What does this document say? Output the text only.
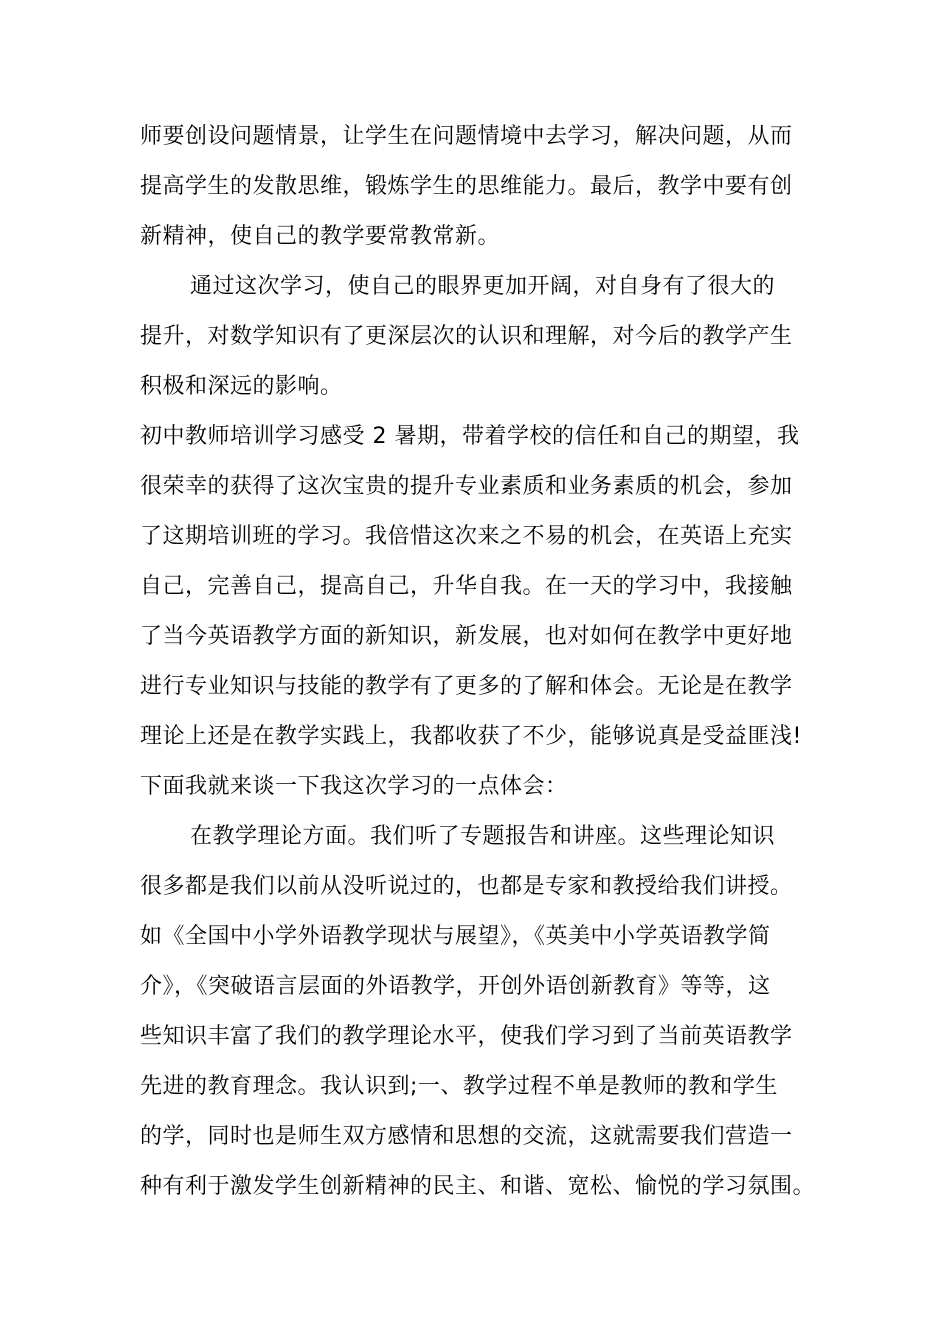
师要创设问题情景，让学生在问题情境中去学习，解决问题，从而
提高学生的发散思维，锻炼学生的思维能力。最后，教学中要有创
新精神，使自己的教学要常教常新。
通过这次学习，使自己的眼界更加开阔，对自身有了很大的
提升，对数学知识有了更深层次的认识和理解，对今后的教学产生
积极和深远的影响。
初中教师培训学习感受 2 暑期，带着学校的信任和自己的期望，我
很荣幸的获得了这次宝贵的提升专业素质和业务素质的机会，参加
了这期培训班的学习。我倍惜这次来之不易的机会，在英语上充实
自己，完善自己，提高自己，升华自我。在一天的学习中，我接触
了当今英语教学方面的新知识，新发展，也对如何在教学中更好地
进行专业知识与技能的教学有了更多的了解和体会。无论是在教学
理论上还是在教学实践上，我都收获了不少，能够说真是受益匪浅!
下面我就来谈一下我这次学习的一点体会：
在教学理论方面。我们听了专题报告和讲座。这些理论知识
很多都是我们以前从没听说过的，也都是专家和教授给我们讲授。
如《全国中小学外语教学现状与展望》，《英美中小学英语教学简
介》，《突破语言层面的外语教学，开创外语创新教育》等等，这
些知识丰富了我们的教学理论水平，使我们学习到了当前英语教学
先进的教育理念。我认识到;一、教学过程不单是教师的教和学生
的学，同时也是师生双方感情和思想的交流，这就需要我们营造一
种有利于激发学生创新精神的民主、和谐、宽松、愉悦的学习氛围。
